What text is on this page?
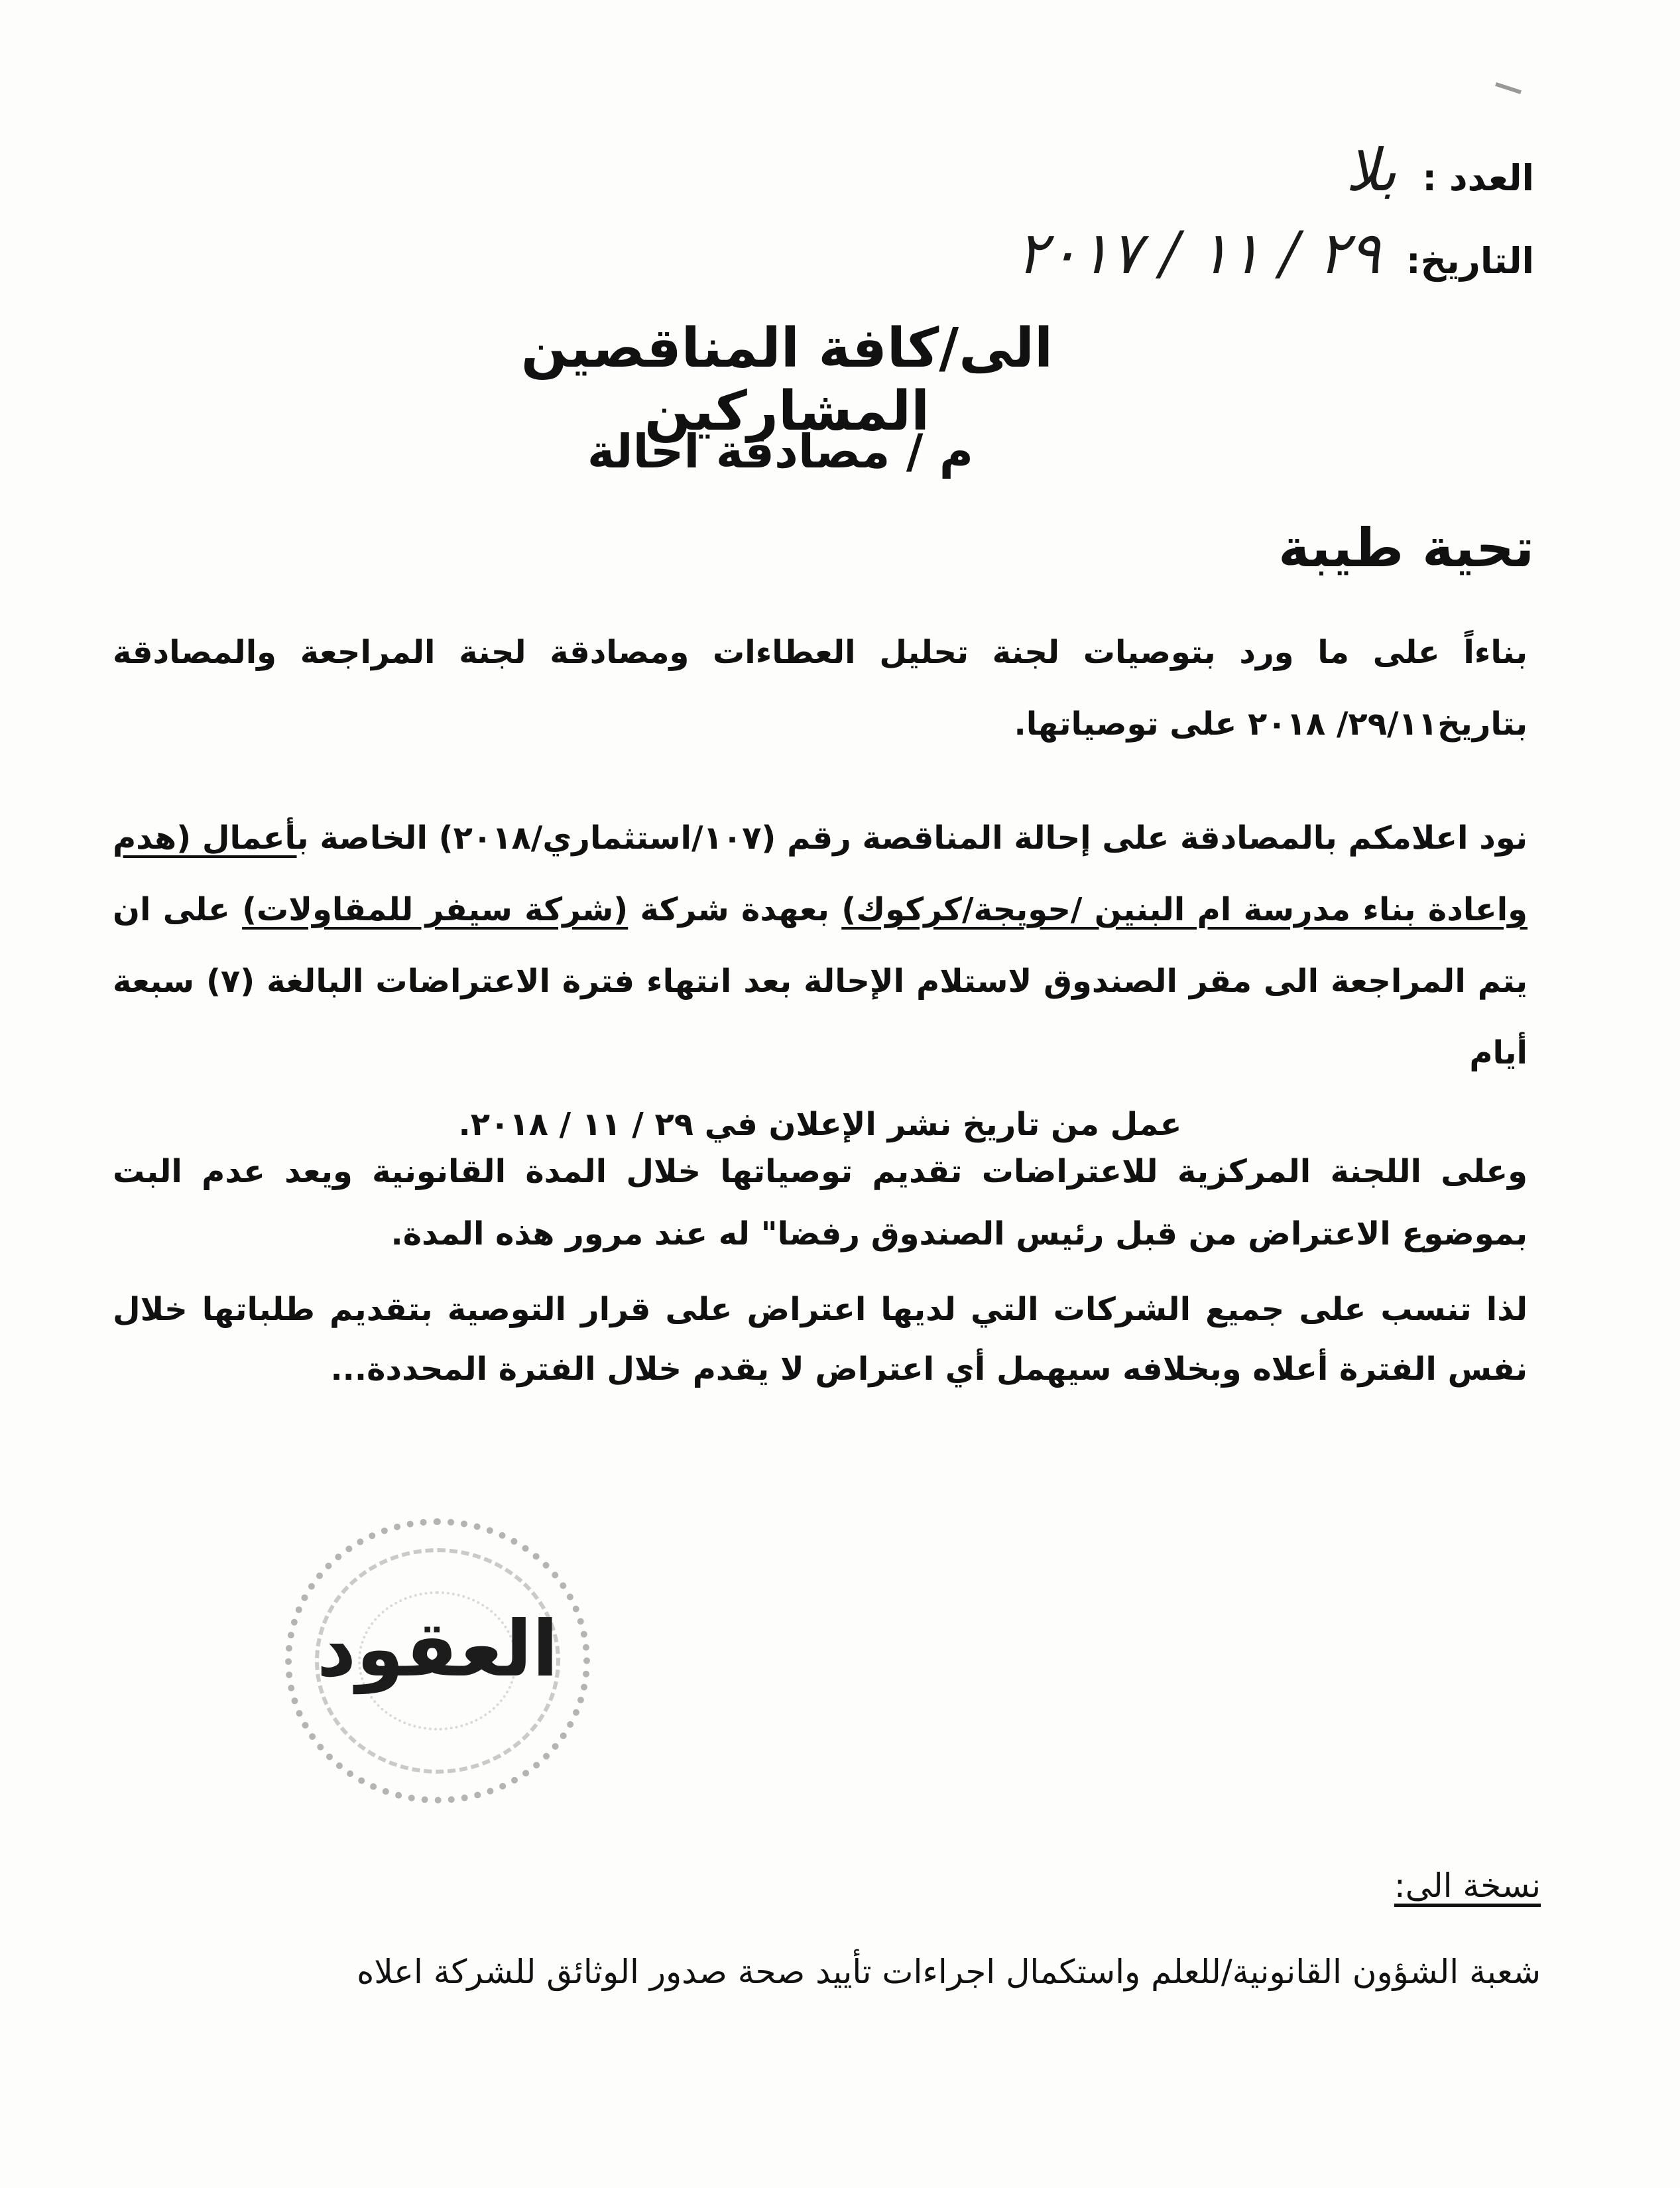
العدد : بلا
التاريخ: ٢٩ / ١١ / ٢٠١٧
الى/كافة المناقصين المشاركين
م / مصادقة احالة
تحية طيبة
بناءاً على ما ورد بتوصيات لجنة تحليل العطاءات ومصادقة لجنة المراجعة والمصادقة بتاريخ٢٩/١١/ ٢٠١٨ على توصياتها.
نود اعلامكم بالمصادقة على إحالة المناقصة رقم (١٠٧/استثماري/٢٠١٨) الخاصة بأعمال (هدم واعادة بناء مدرسة ام البنين /حويجة/كركوك) بعهدة شركة (شركة سيفر للمقاولات) على ان يتم المراجعة الى مقر الصندوق لاستلام الإحالة بعد انتهاء فترة الاعتراضات البالغة (٧) سبعة أيام
عمل من تاريخ نشر الإعلان في ٢٩ / ١١ / ٢٠١٨.
وعلى اللجنة المركزية للاعتراضات تقديم توصياتها خلال المدة القانونية ويعد عدم البت بموضوع الاعتراض من قبل رئيس الصندوق رفضا" له عند مرور هذه المدة.
لذا تنسب على جميع الشركات التي لديها اعتراض على قرار التوصية بتقديم طلباتها خلال نفس الفترة أعلاه وبخلافه سيهمل أي اعتراض لا يقدم خلال الفترة المحددة...
العقود
نسخة الى:
شعبة الشؤون القانونية/للعلم واستكمال اجراءات تأييد صحة صدور الوثائق للشركة اعلاه
